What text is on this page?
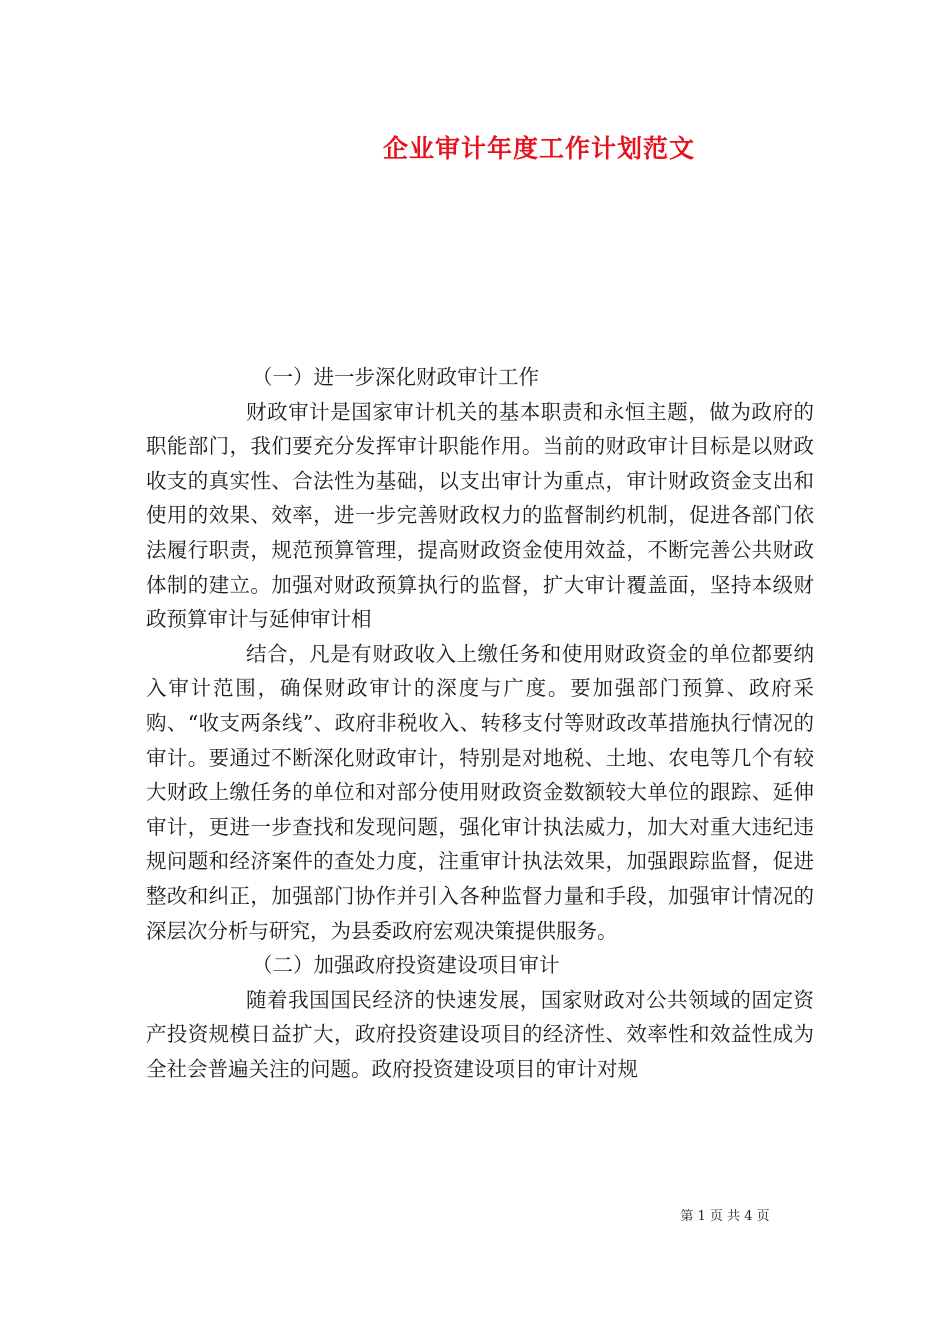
企业审计年度工作计划范文

（一）进一步深化财政审计工作

财政审计是国家审计机关的基本职责和永恒主题，做为政府的职能部门，我们要充分发挥审计职能作用。当前的财政审计目标是以财政收支的真实性、合法性为基础，以支出审计为重点，审计财政资金支出和使用的效果、效率，进一步完善财政权力的监督制约机制，促进各部门依法履行职责，规范预算管理，提高财政资金使用效益，不断完善公共财政体制的建立。加强对财政预算执行的监督，扩大审计覆盖面，坚持本级财政预算审计与延伸审计相

结合，凡是有财政收入上缴任务和使用财政资金的单位都要纳入审计范围，确保财政审计的深度与广度。要加强部门预算、政府采购、“收支两条线”、政府非税收入、转移支付等财政改革措施执行情况的审计。要通过不断深化财政审计，特别是对地税、土地、农电等几个有较大财政上缴任务的单位和对部分使用财政资金数额较大单位的跟踪、延伸审计，更进一步查找和发现问题，强化审计执法威力，加大对重大违纪违规问题和经济案件的查处力度，注重审计执法效果，加强跟踪监督，促进整改和纠正，加强部门协作并引入各种监督力量和手段，加强审计情况的深层次分析与研究，为县委政府宏观决策提供服务。

（二）加强政府投资建设项目审计

随着我国国民经济的快速发展，国家财政对公共领域的固定资产投资规模日益扩大，政府投资建设项目的经济性、效率性和效益性成为全社会普遍关注的问题。政府投资建设项目的审计对规

第 1 页 共 4 页
